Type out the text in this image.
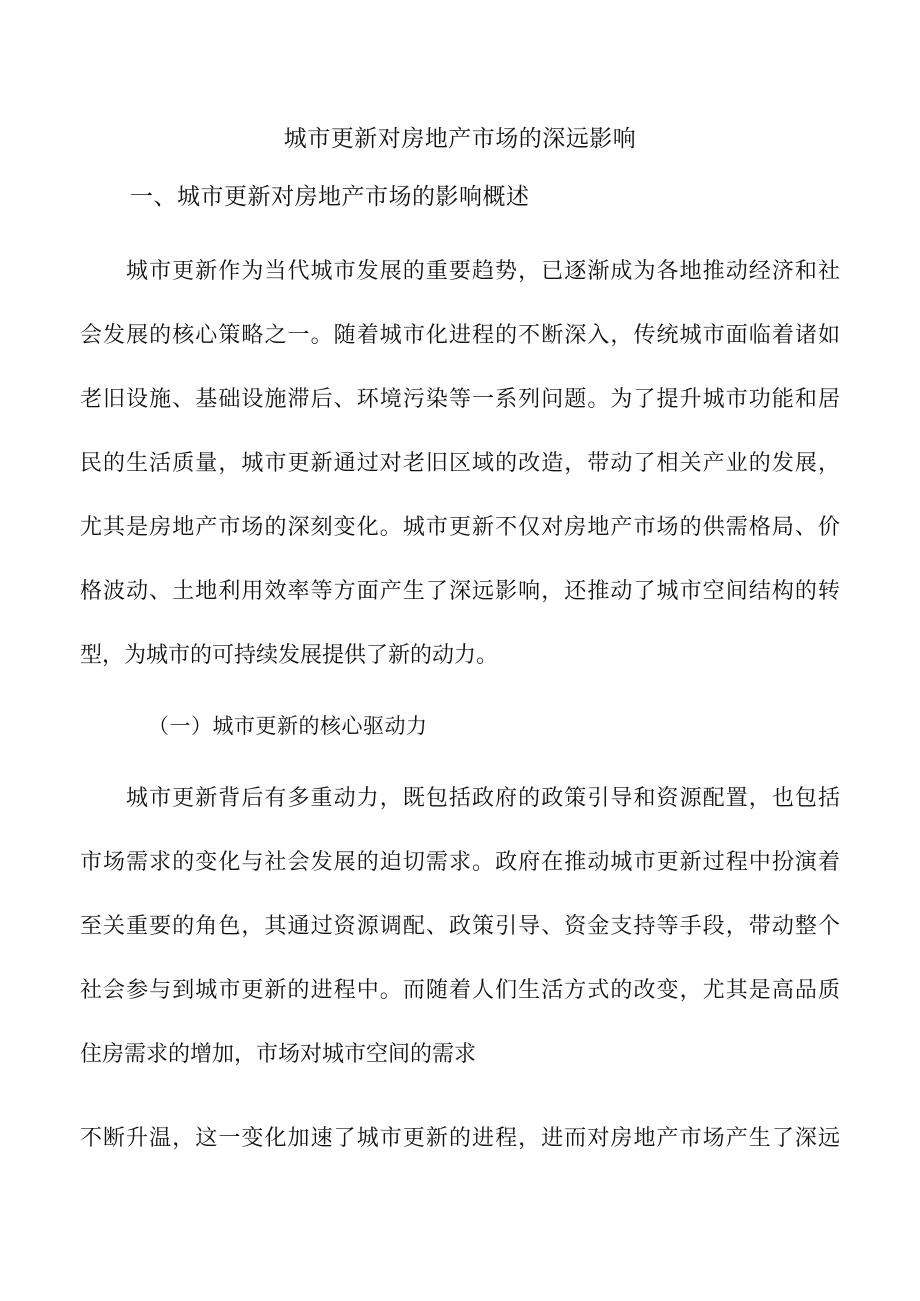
城市更新对房地产市场的深远影响
一、城市更新对房地产市场的影响概述
城市更新作为当代城市发展的重要趋势，已逐渐成为各地推动经济和社
会发展的核心策略之一。随着城市化进程的不断深入，传统城市面临着诸如
老旧设施、基础设施滞后、环境污染等一系列问题。为了提升城市功能和居
民的生活质量，城市更新通过对老旧区域的改造，带动了相关产业的发展，
尤其是房地产市场的深刻变化。城市更新不仅对房地产市场的供需格局、价
格波动、土地利用效率等方面产生了深远影响，还推动了城市空间结构的转
型，为城市的可持续发展提供了新的动力。
（一）城市更新的核心驱动力
城市更新背后有多重动力，既包括政府的政策引导和资源配置，也包括
市场需求的变化与社会发展的迫切需求。政府在推动城市更新过程中扮演着
至关重要的角色，其通过资源调配、政策引导、资金支持等手段，带动整个
社会参与到城市更新的进程中。而随着人们生活方式的改变，尤其是高品质
住房需求的增加，市场对城市空间的需求
不断升温，这一变化加速了城市更新的进程，进而对房地产市场产生了深远
